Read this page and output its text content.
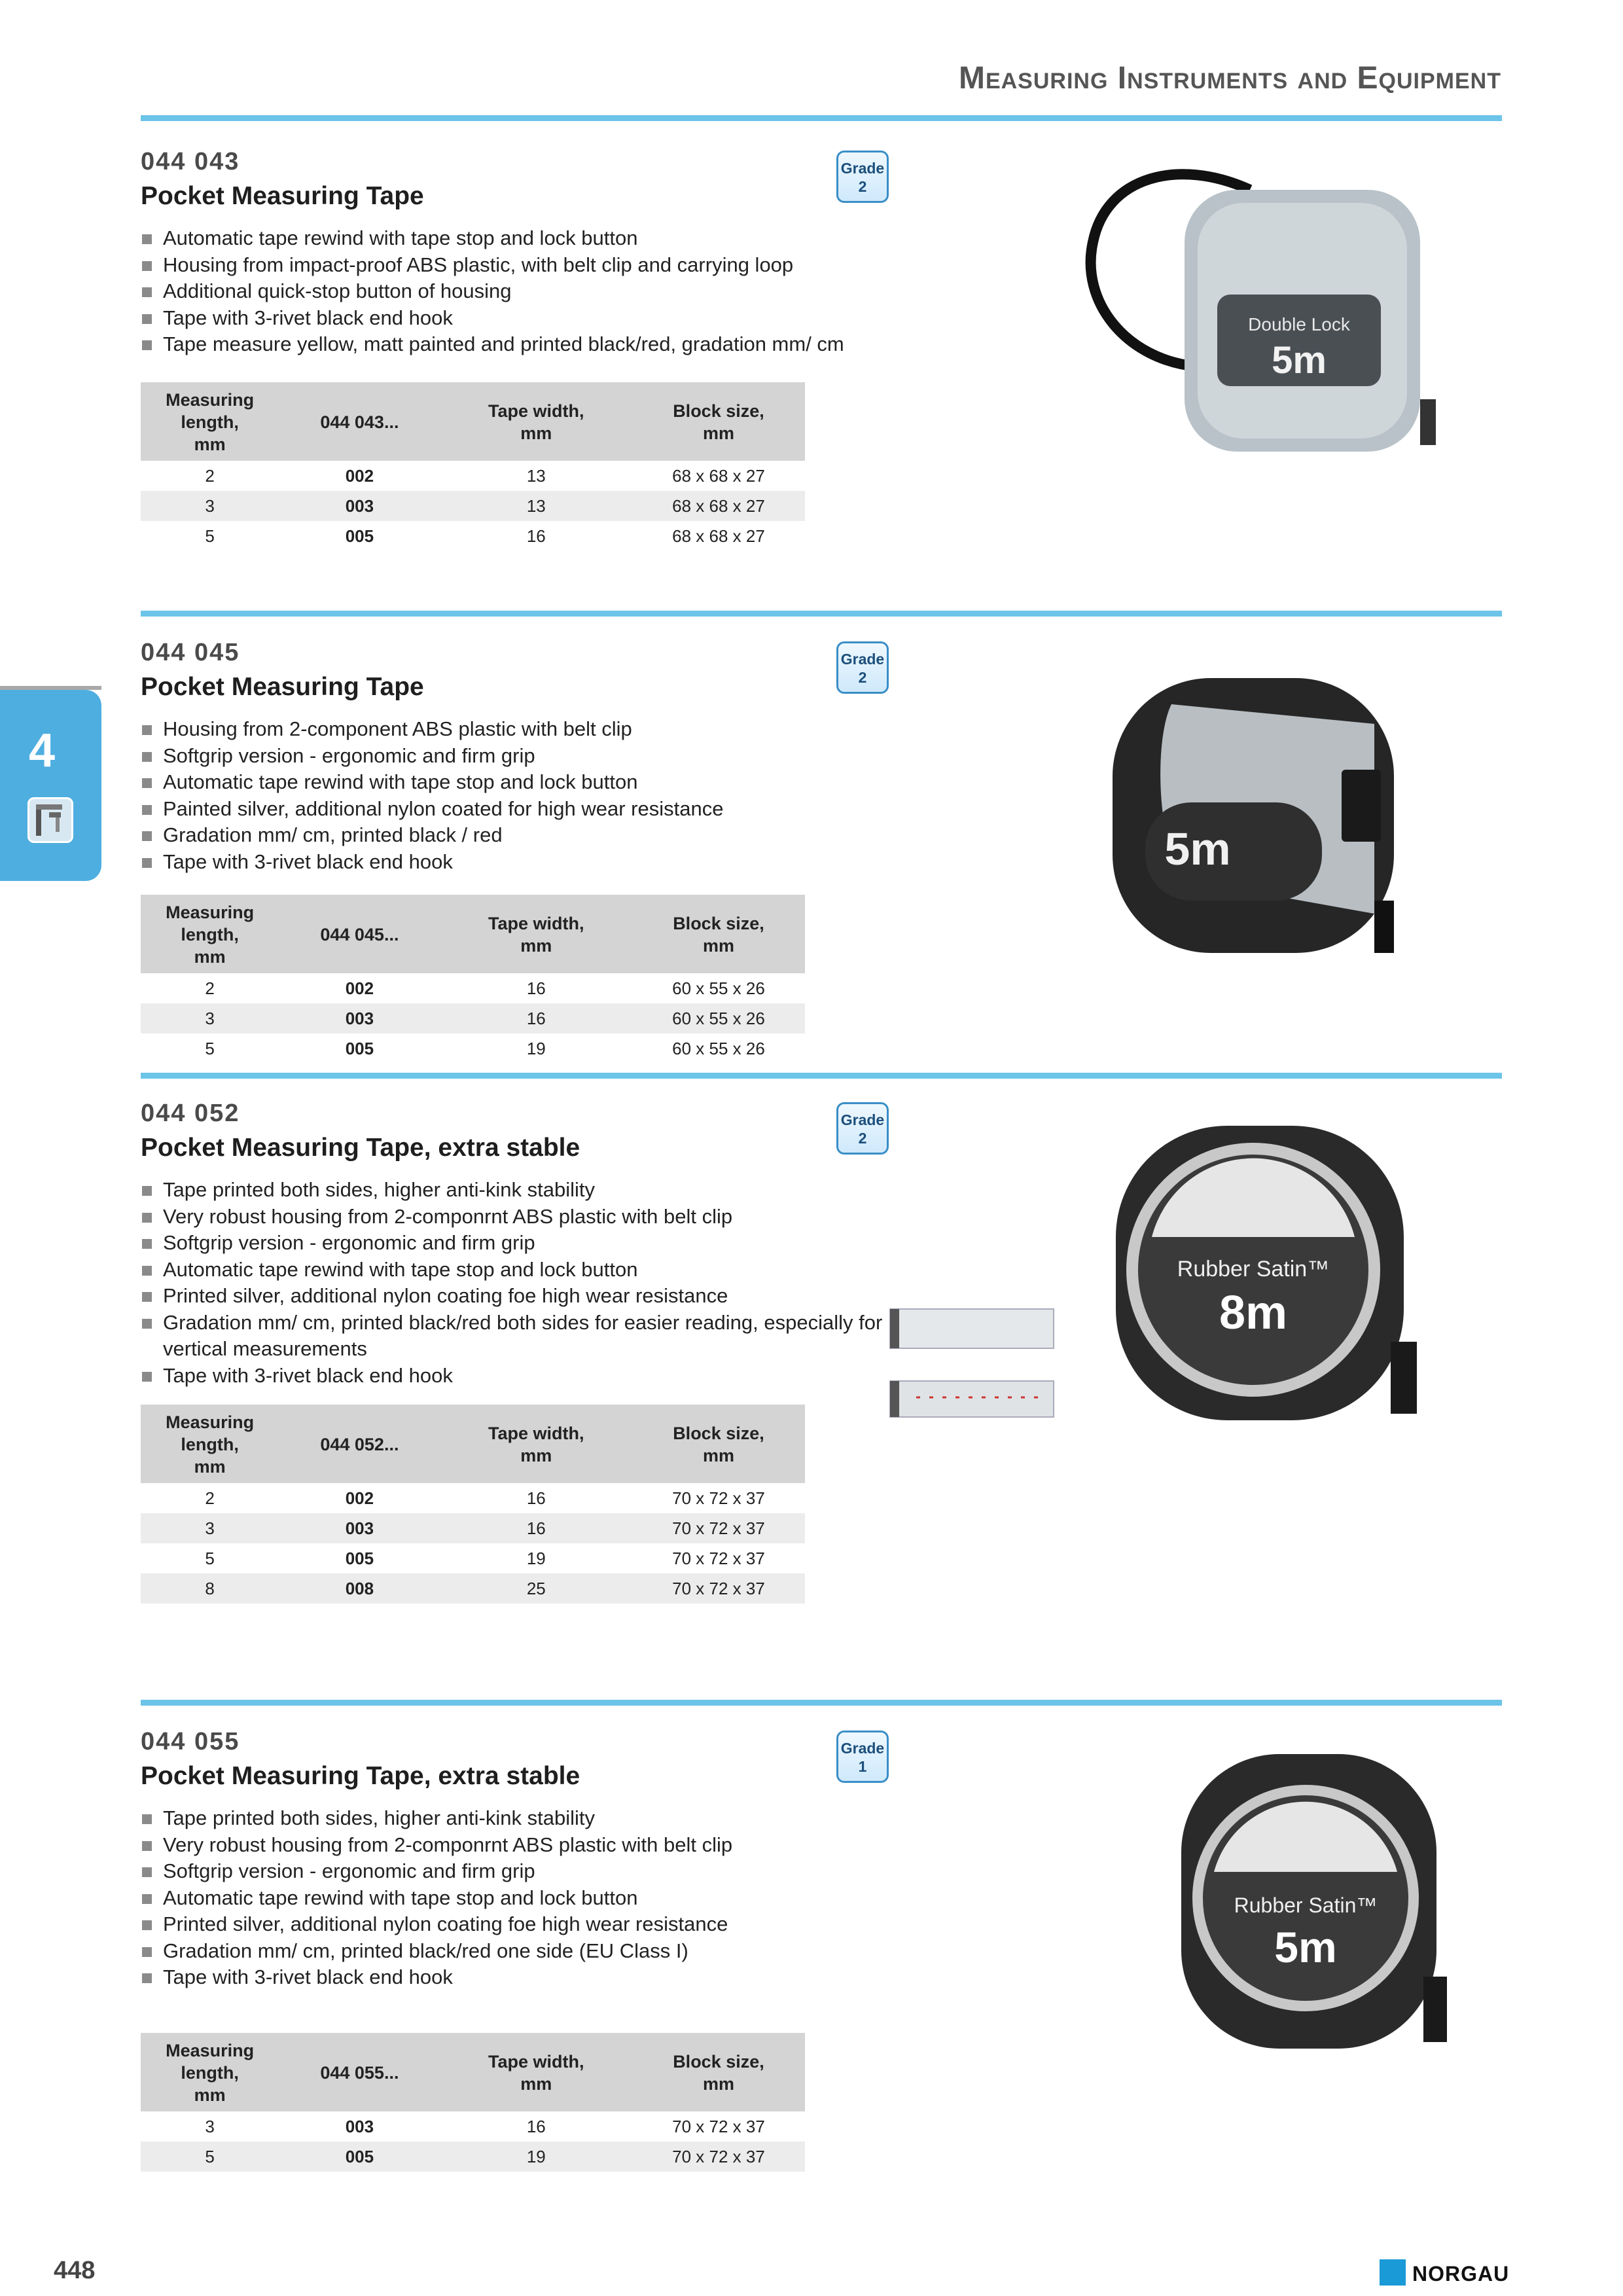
Measuring Instruments and Equipment
4
044 043
Pocket Measuring Tape
Grade
2
Automatic tape rewind with tape stop and lock button
Housing from impact-proof ABS plastic, with belt clip and carrying loop
Additional quick-stop button of housing
Tape with 3-rivet black end hook
Tape measure yellow, matt painted and printed black/red, gradation mm/ cm
Measuring length,
mm	044 043...	Tape width,
mm	Block size,
mm
2	002	13	68 x 68 x 27
3	003	13	68 x 68 x 27
5	005	16	68 x 68 x 27
Double Lock
5m
044 045
Pocket Measuring Tape
Grade
2
Housing from 2-component ABS plastic with belt clip
Softgrip version - ergonomic and firm grip
Automatic tape rewind with tape stop and lock button
Painted silver, additional nylon coated for high wear resistance
Gradation mm/ cm, printed black / red
Tape with 3-rivet black end hook
Measuring length,
mm	044 045...	Tape width,
mm	Block size,
mm
2	002	16	60 x 55 x 26
3	003	16	60 x 55 x 26
5	005	19	60 x 55 x 26
5m
044 052
Pocket Measuring Tape, extra stable
Grade
2
Tape printed both sides, higher anti-kink stability
Very robust housing from 2-componrnt ABS plastic with belt clip
Softgrip version - ergonomic and firm grip
Automatic tape rewind with tape stop and lock button
Printed silver, additional nylon coating foe high wear resistance
Gradation mm/ cm, printed black/red both sides for easier reading, especially for vertical measurements
Tape with 3-rivet black end hook
Measuring length,
mm	044 052...	Tape width,
mm	Block size,
mm
2	002	16	70 x 72 x 37
3	003	16	70 x 72 x 37
5	005	19	70 x 72 x 37
8	008	25	70 x 72 x 37
Rubber Satin™
8m
044 055
Pocket Measuring Tape, extra stable
Grade
1
Tape printed both sides, higher anti-kink stability
Very robust housing from 2-componrnt ABS plastic with belt clip
Softgrip version - ergonomic and firm grip
Automatic tape rewind with tape stop and lock button
Printed silver, additional nylon coating foe high wear resistance
Gradation mm/ cm, printed black/red one side (EU Class I)
Tape with 3-rivet black end hook
Measuring length,
mm	044 055...	Tape width,
mm	Block size,
mm
3	003	16	70 x 72 x 37
5	005	19	70 x 72 x 37
Rubber Satin™
5m
448	NORGAU
